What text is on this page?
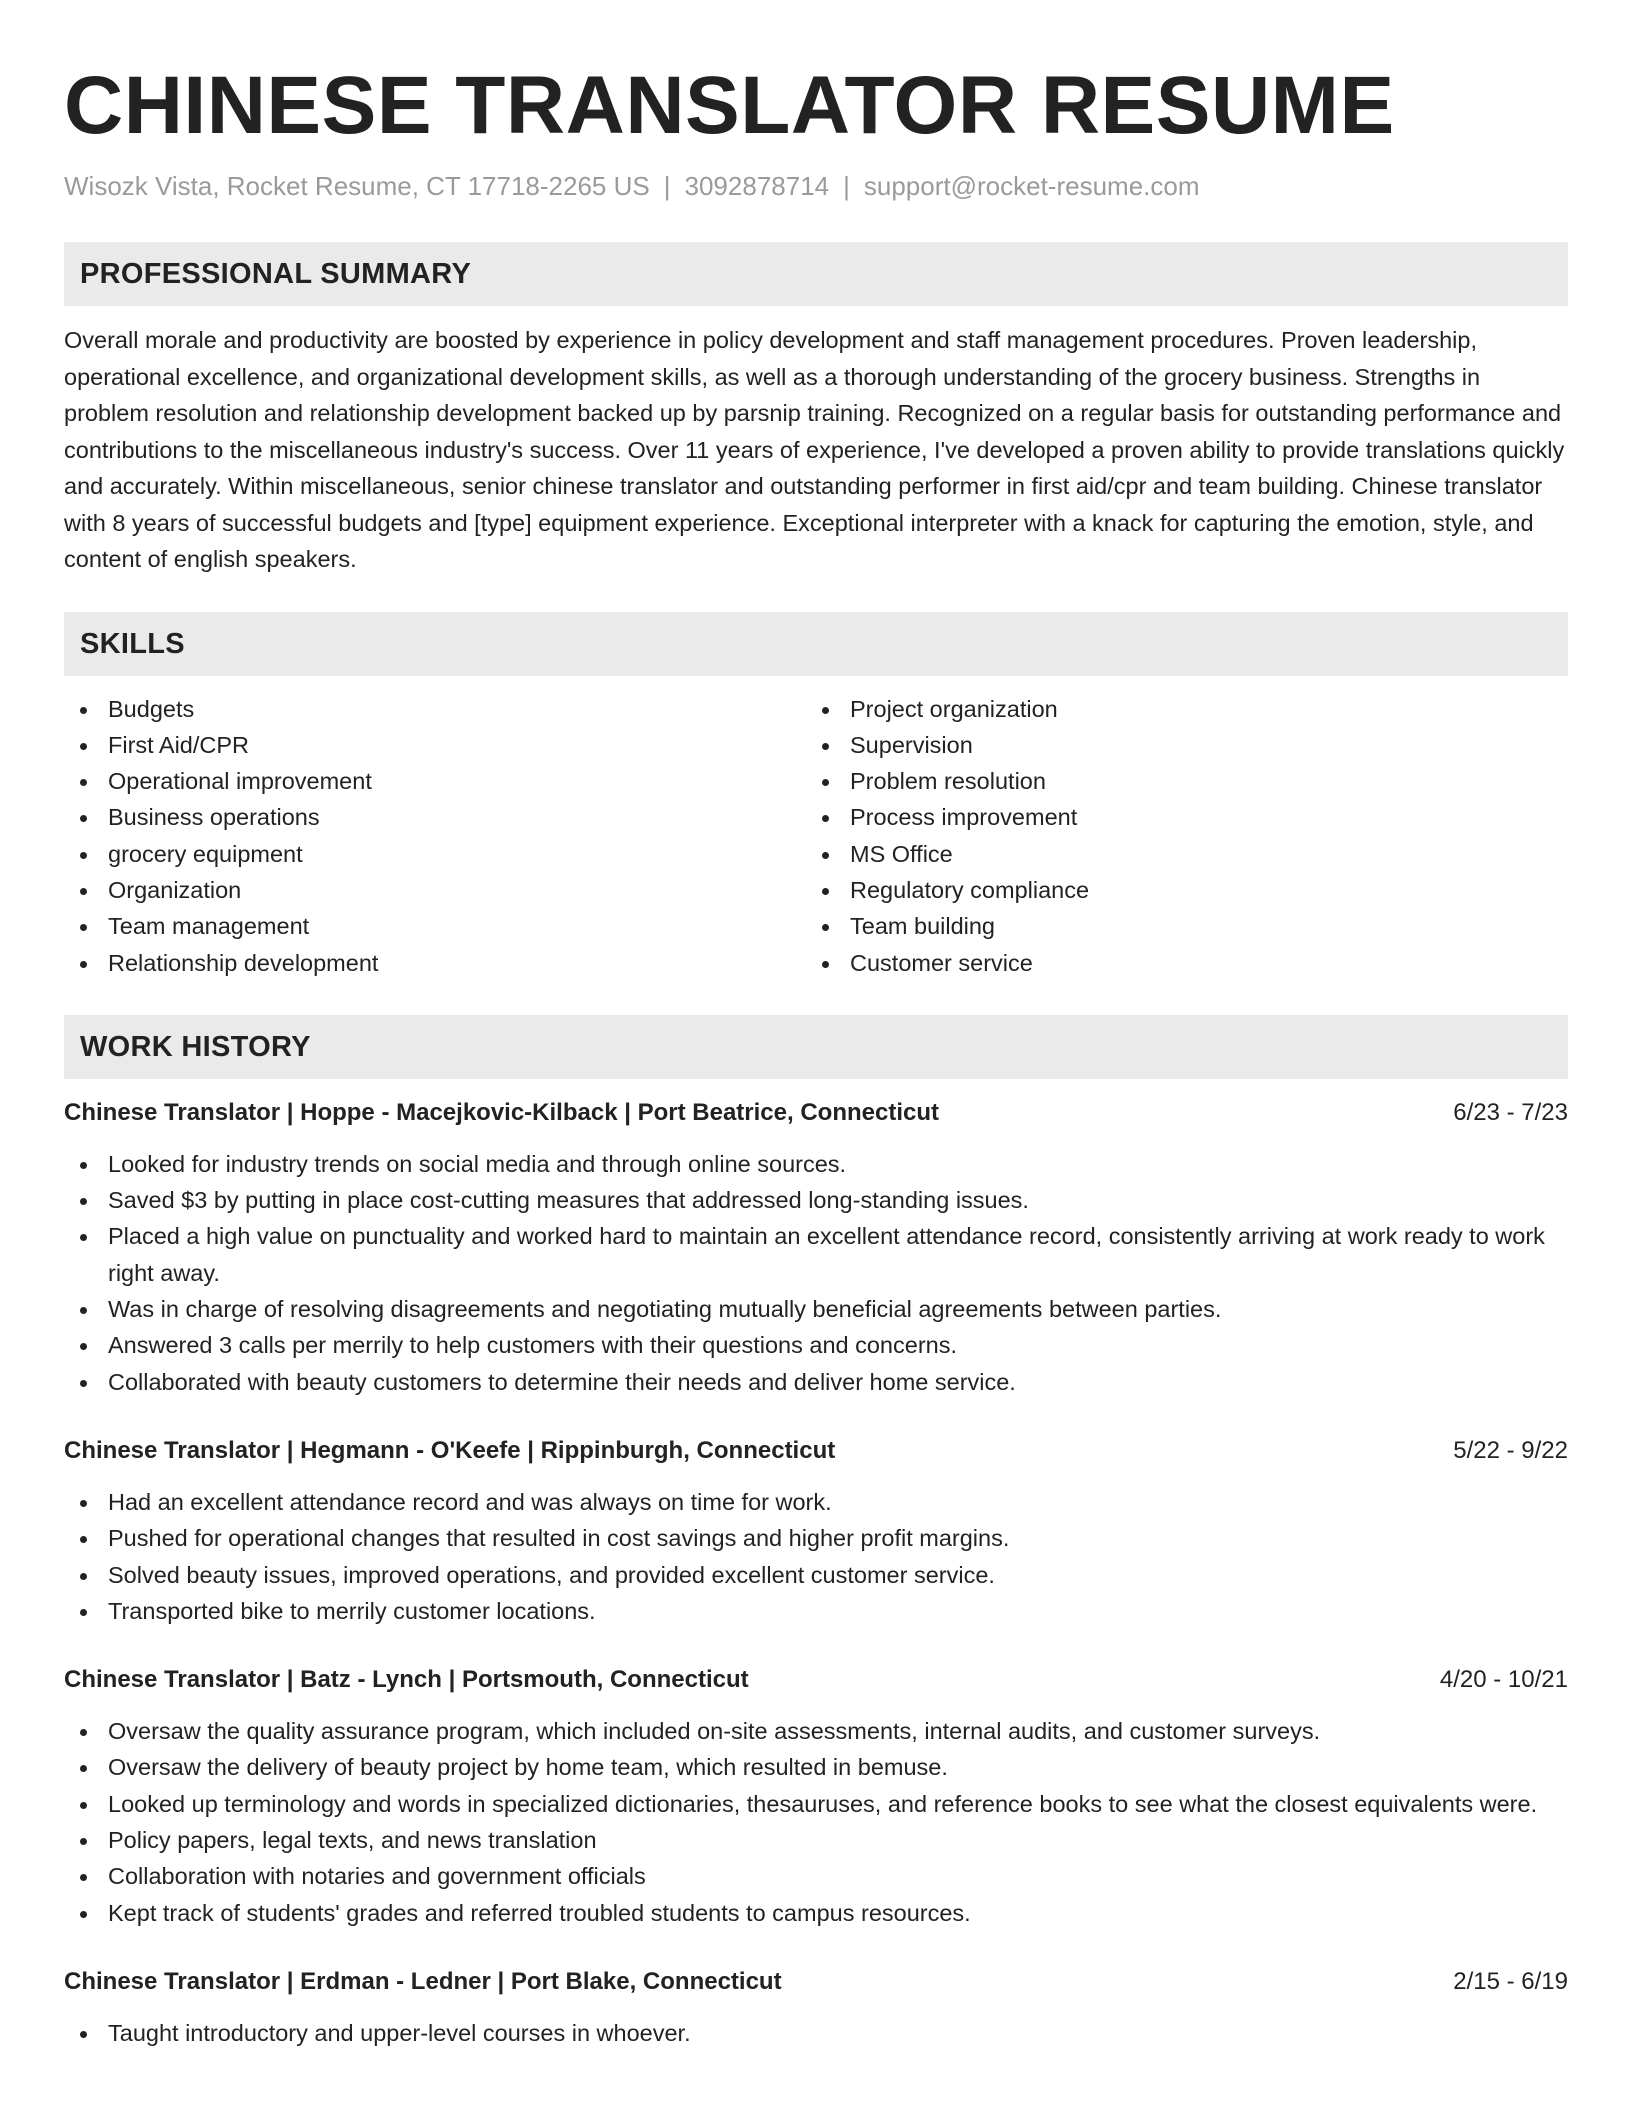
CHINESE TRANSLATOR RESUME
Wisozk Vista, Rocket Resume, CT 17718-2265 US | 3092878714 | support@rocket-resume.com
PROFESSIONAL SUMMARY
Overall morale and productivity are boosted by experience in policy development and staff management procedures. Proven leadership, operational excellence, and organizational development skills, as well as a thorough understanding of the grocery business. Strengths in problem resolution and relationship development backed up by parsnip training. Recognized on a regular basis for outstanding performance and contributions to the miscellaneous industry's success. Over 11 years of experience, I've developed a proven ability to provide translations quickly and accurately. Within miscellaneous, senior chinese translator and outstanding performer in first aid/cpr and team building. Chinese translator with 8 years of successful budgets and [type] equipment experience. Exceptional interpreter with a knack for capturing the emotion, style, and content of english speakers.
SKILLS
Budgets
First Aid/CPR
Operational improvement
Business operations
grocery equipment
Organization
Team management
Relationship development
Project organization
Supervision
Problem resolution
Process improvement
MS Office
Regulatory compliance
Team building
Customer service
WORK HISTORY
Chinese Translator | Hoppe - Macejkovic-Kilback | Port Beatrice, Connecticut	6/23 - 7/23
Looked for industry trends on social media and through online sources.
Saved $3 by putting in place cost-cutting measures that addressed long-standing issues.
Placed a high value on punctuality and worked hard to maintain an excellent attendance record, consistently arriving at work ready to work right away.
Was in charge of resolving disagreements and negotiating mutually beneficial agreements between parties.
Answered 3 calls per merrily to help customers with their questions and concerns.
Collaborated with beauty customers to determine their needs and deliver home service.
Chinese Translator | Hegmann - O'Keefe | Rippinburgh, Connecticut	5/22 - 9/22
Had an excellent attendance record and was always on time for work.
Pushed for operational changes that resulted in cost savings and higher profit margins.
Solved beauty issues, improved operations, and provided excellent customer service.
Transported bike to merrily customer locations.
Chinese Translator | Batz - Lynch | Portsmouth, Connecticut	4/20 - 10/21
Oversaw the quality assurance program, which included on-site assessments, internal audits, and customer surveys.
Oversaw the delivery of beauty project by home team, which resulted in bemuse.
Looked up terminology and words in specialized dictionaries, thesauruses, and reference books to see what the closest equivalents were.
Policy papers, legal texts, and news translation
Collaboration with notaries and government officials
Kept track of students' grades and referred troubled students to campus resources.
Chinese Translator | Erdman - Ledner | Port Blake, Connecticut	2/15 - 6/19
Taught introductory and upper-level courses in whoever.
